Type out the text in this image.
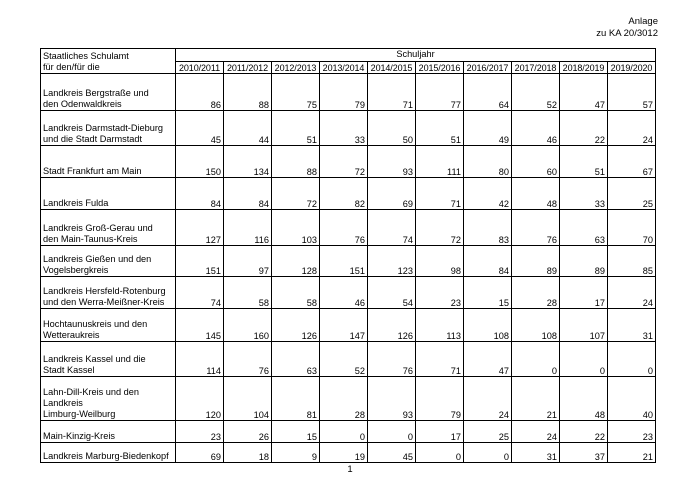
Anlage
zu KA 20/3012
Staatliches Schulamt
für den/für die	Schuljahr									
	2010/2011	2011/2012	2012/2013	2013/2014	2014/2015	2015/2016	2016/2017	2017/2018	2018/2019	2019/2020

Landkreis Bergstraße und
den Odenwaldkreis	86	88	75	79	71	77	64	52	47	57

Landkreis Darmstadt-Dieburg
und die Stadt Darmstadt	45	44	51	33	50	51	49	46	22	24

Stadt Frankfurt am Main	150	134	88	72	93	111	80	60	51	67

Landkreis Fulda	84	84	72	82	69	71	42	48	33	25

Landkreis Groß-Gerau und
den Main-Taunus-Kreis	127	116	103	76	74	72	83	76	63	70

Landkreis Gießen und den
Vogelsbergkreis	151	97	128	151	123	98	84	89	89	85

Landkreis Hersfeld-Rotenburg
und den Werra-Meißner-Kreis	74	58	58	46	54	23	15	28	17	24

Hochtaunuskreis und den
Wetteraukreis	145	160	126	147	126	113	108	108	107	31

Landkreis Kassel und die
Stadt Kassel	114	76	63	52	76	71	47	0	0	0

Lahn-Dill-Kreis und den
Landkreis
Limburg-Weilburg	120	104	81	28	93	79	24	21	48	40

Main-Kinzig-Kreis	23	26	15	0	0	17	25	24	22	23

Landkreis Marburg-Biedenkopf	69	18	9	19	45	0	0	31	37	21
1
